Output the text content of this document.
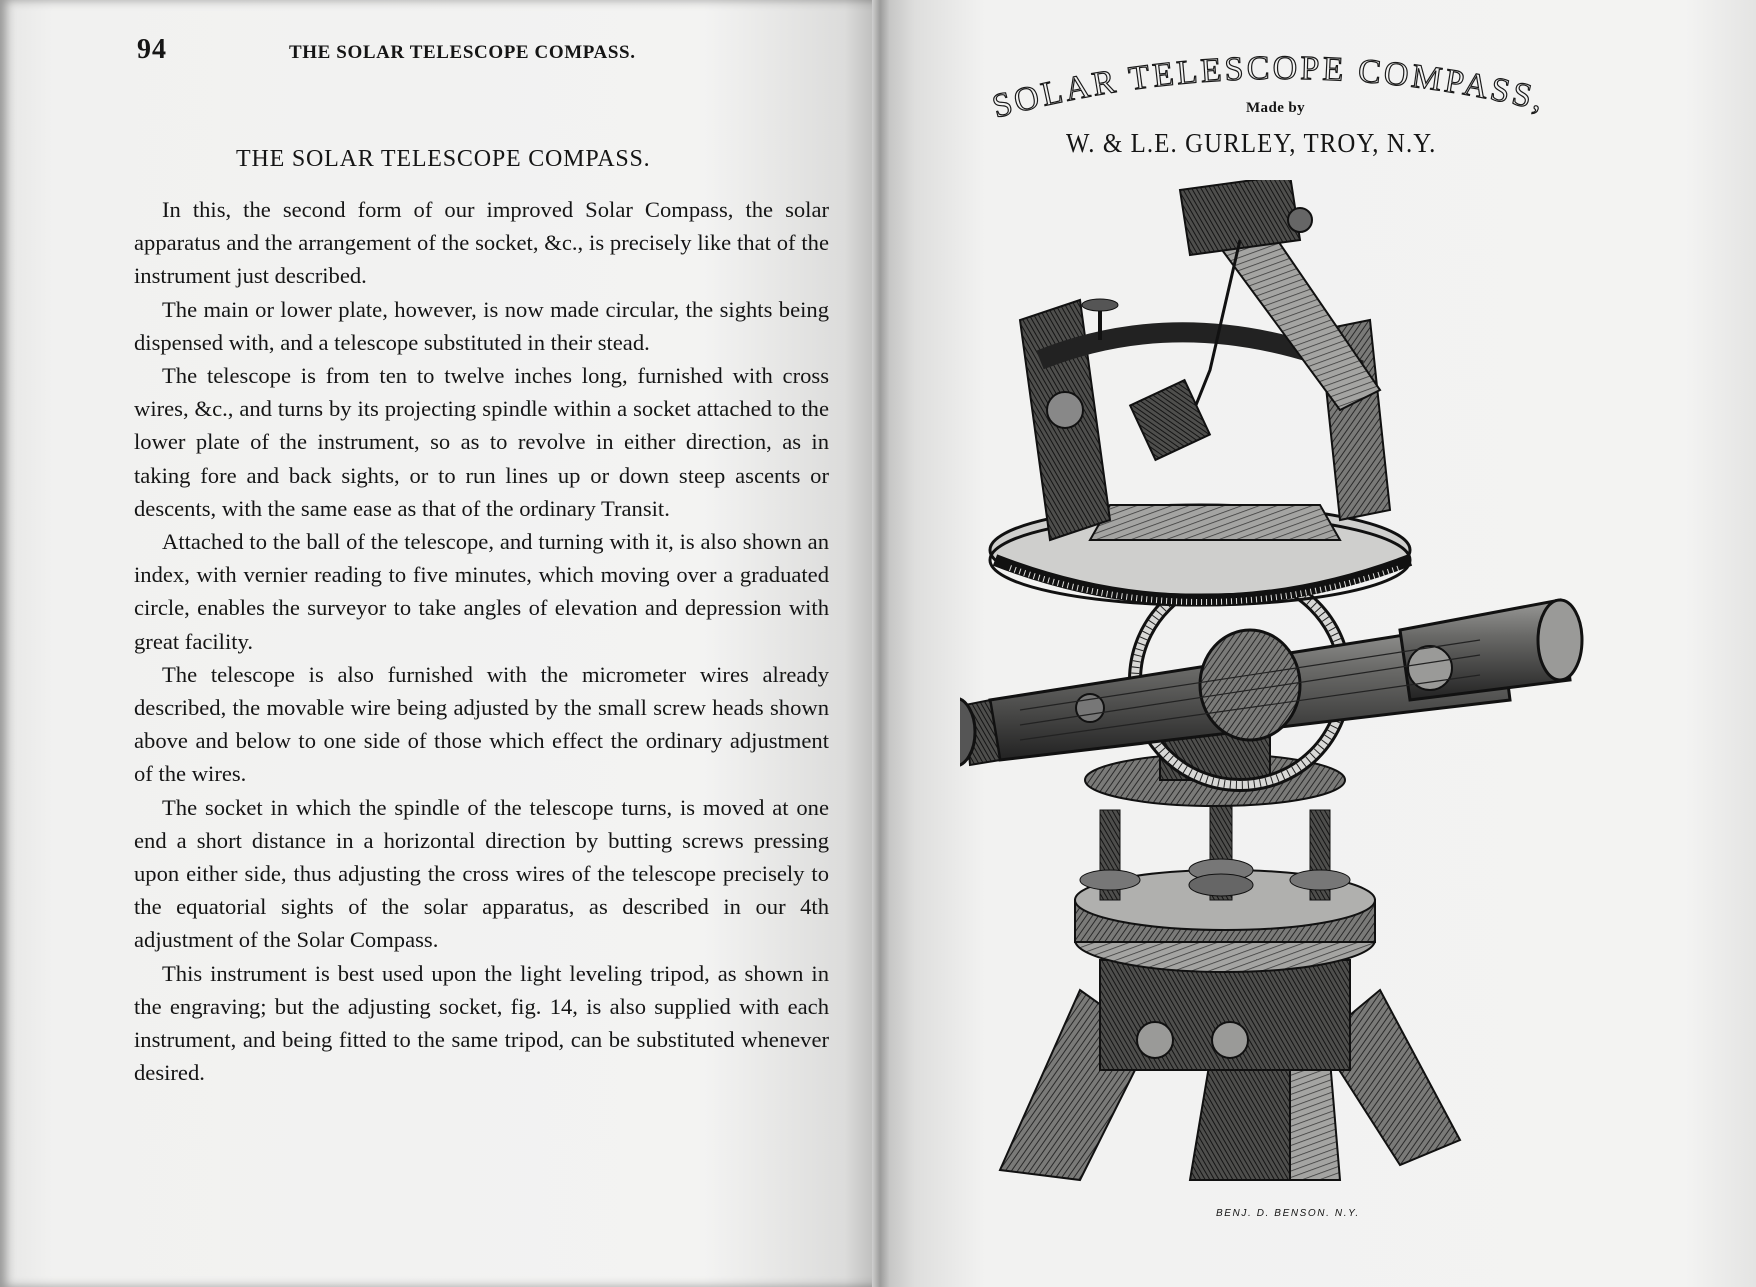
94	THE SOLAR TELESCOPE COMPASS.
THE SOLAR TELESCOPE COMPASS.

In this, the second form of our improved Solar Compass, the solar apparatus and the arrangement of the socket, &c., is precisely like that of the instrument just described.

The main or lower plate, however, is now made circular, the sights being dispensed with, and a telescope substituted in their stead.

The telescope is from ten to twelve inches long, furnished with cross wires, &c., and turns by its projecting spindle within a socket attached to the lower plate of the instrument, so as to revolve in either direction, as in taking fore and back sights, or to run lines up or down steep ascents or descents, with the same ease as that of the ordinary Transit.

Attached to the ball of the telescope, and turning with it, is also shown an index, with vernier reading to five minutes, which moving over a graduated circle, enables the surveyor to take angles of elevation and depression with great facility.

The telescope is also furnished with the micrometer wires already described, the movable wire being adjusted by the small screw heads shown above and below to one side of those which effect the ordinary adjustment of the wires.

The socket in which the spindle of the telescope turns, is moved at one end a short distance in a horizontal direction by butting screws pressing upon either side, thus adjusting the cross wires of the telescope precisely to the equatorial sights of the solar apparatus, as described in our 4th adjustment of the Solar Compass.

This instrument is best used upon the light leveling tripod, as shown in the engraving; but the adjusting socket, fig. 14, is also supplied with each instrument, and being fitted to the same tripod, can be substituted whenever desired.

SOLAR TELESCOPE COMPASS,
Made by
W. & L.E. GURLEY, TROY, N.Y.
BENJ. D. BENSON. N.Y.
